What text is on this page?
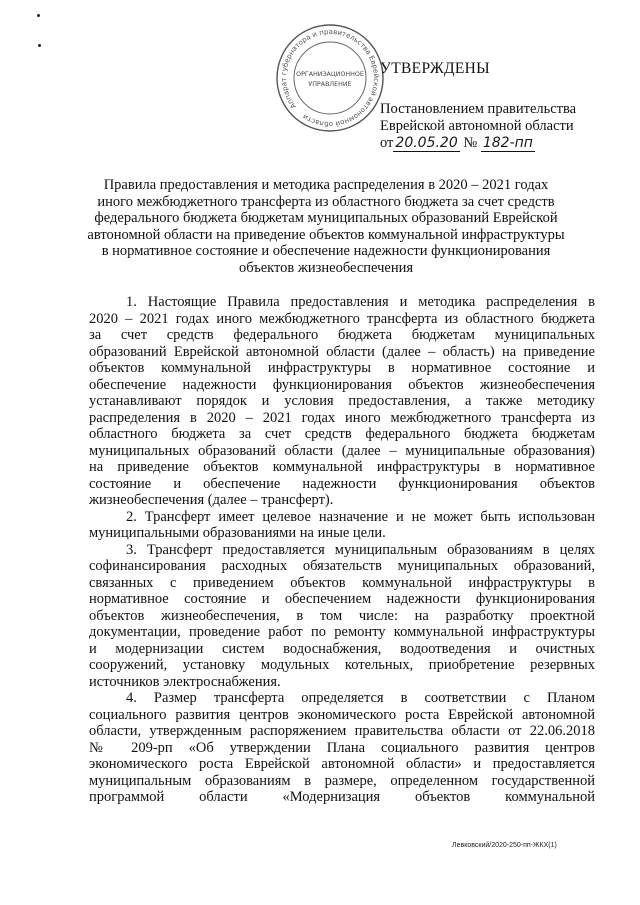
Аппарат губернатора и правительства Еврейской автономной области
ОРГАНИЗАЦИОННОЕ
УПРАВЛЕНИЕ
УТВЕРЖДЕНЫ
Постановлением правительства
Еврейской автономной области
от 20.05.20 № 182-пп
Правила предоставления и методика распределения в 2020 – 2021 годах
иного межбюджетного трансферта из областного бюджета за счет средств
федерального бюджета бюджетам муниципальных образований Еврейской
автономной области на приведение объектов коммунальной инфраструктуры
в нормативное состояние и обеспечение надежности функционирования
объектов жизнеобеспечения
1. Настоящие Правила предоставления и методика распределения в
2020 – 2021 годах иного межбюджетного трансферта из областного бюджета
за счет средств федерального бюджета бюджетам муниципальных
образований Еврейской автономной области (далее – область) на приведение
объектов коммунальной инфраструктуры в нормативное состояние и
обеспечение надежности функционирования объектов жизнеобеспечения
устанавливают порядок и условия предоставления, а также методику
распределения в 2020 – 2021 годах иного межбюджетного трансферта из
областного бюджета за счет средств федерального бюджета бюджетам
муниципальных образований области (далее – муниципальные образования)
на приведение объектов коммунальной инфраструктуры в нормативное
состояние и обеспечение надежности функционирования объектов
жизнеобеспечения (далее – трансферт).
2. Трансферт имеет целевое назначение и не может быть использован
муниципальными образованиями на иные цели.
3. Трансферт предоставляется муниципальным образованиям в целях
софинансирования расходных обязательств муниципальных образований,
связанных с приведением объектов коммунальной инфраструктуры в
нормативное состояние и обеспечением надежности функционирования
объектов жизнеобеспечения, в том числе: на разработку проектной
документации, проведение работ по ремонту коммунальной инфраструктуры
и модернизации систем водоснабжения, водоотведения и очистных
сооружений, установку модульных котельных, приобретение резервных
источников электроснабжения.
4. Размер трансферта определяется в соответствии с Планом
социального развития центров экономического роста Еврейской автономной
области, утвержденным распоряжением правительства области от 22.06.2018
№ 209-рп «Об утверждении Плана социального развития центров
экономического роста Еврейской автономной области» и предоставляется
муниципальным образованиям в размере, определенном государственной
программой области «Модернизация объектов коммунальной
Левковский/2020-250-пп-ЖКХ(1)
